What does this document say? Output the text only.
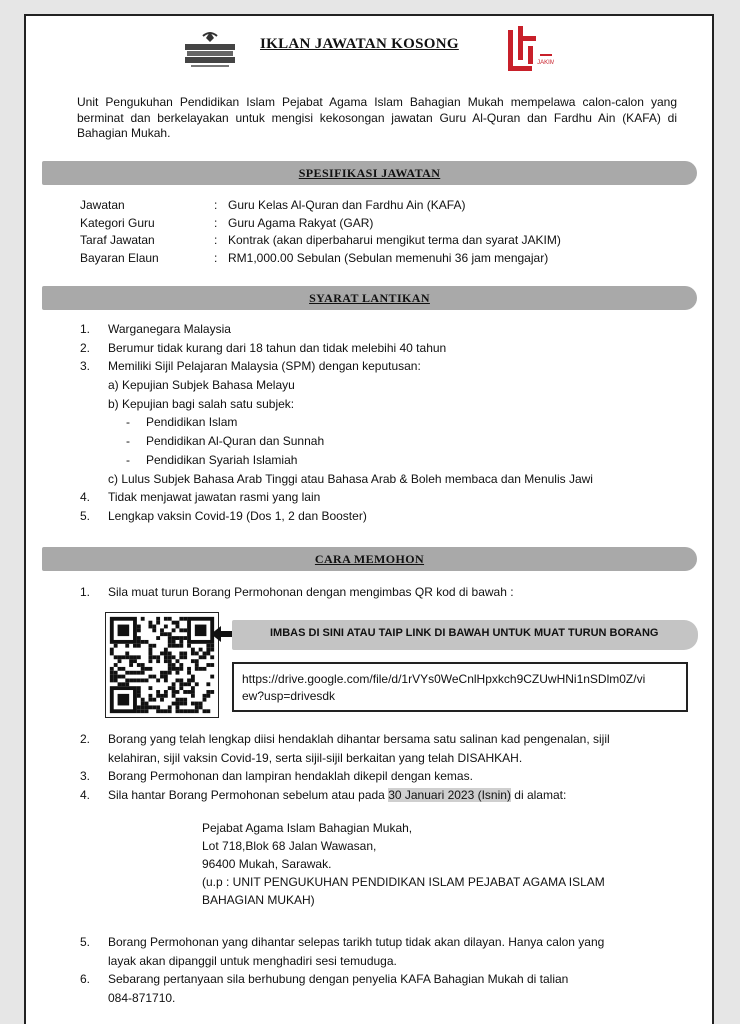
IKLAN JAWATAN KOSONG
JAKIM
Unit Pengukuhan Pendidikan Islam Pejabat Agama Islam Bahagian Mukah mempelawa calon-calon yang berminat dan berkelayakan untuk mengisi kekosongan jawatan Guru Al-Quran dan Fardhu Ain (KAFA) di Bahagian Mukah.
SPESIFIKASI JAWATAN
Jawatan	: Guru Kelas Al-Quran dan Fardhu Ain (KAFA)
Kategori Guru	: Guru Agama Rakyat (GAR)
Taraf Jawatan	: Kontrak (akan diperbaharui mengikut terma dan syarat JAKIM)
Bayaran Elaun	: RM1,000.00 Sebulan (Sebulan memenuhi 36 jam mengajar)
SYARAT LANTIKAN
1. Warganegara Malaysia
2. Berumur tidak kurang dari 18 tahun dan tidak melebihi 40 tahun
3. Memiliki Sijil Pelajaran Malaysia (SPM) dengan keputusan:
a) Kepujian Subjek Bahasa Melayu
b) Kepujian bagi salah satu subjek:
- Pendidikan Islam
- Pendidikan Al-Quran dan Sunnah
- Pendidikan Syariah Islamiah
c) Lulus Subjek Bahasa Arab Tinggi atau Bahasa Arab & Boleh membaca dan Menulis Jawi
4. Tidak menjawat jawatan rasmi yang lain
5. Lengkap vaksin Covid-19 (Dos 1, 2 dan Booster)
CARA MEMOHON
1. Sila muat turun Borang Permohonan dengan mengimbas QR kod di bawah :
IMBAS DI SINI ATAU TAIP LINK DI BAWAH UNTUK MUAT TURUN BORANG
https://drive.google.com/file/d/1rVYs0WeCnlHpxkch9CZUwHNi1nSDlm0Z/vi
ew?usp=drivesdk
2. Borang yang telah lengkap diisi hendaklah dihantar bersama satu salinan kad pengenalan, sijil
kelahiran, sijil vaksin Covid-19, serta sijil-sijil berkaitan yang telah DISAHKAH.
3. Borang Permohonan dan lampiran hendaklah dikepil dengan kemas.
4. Sila hantar Borang Permohonan sebelum atau pada 30 Januari 2023 (Isnin) di alamat:
Pejabat Agama Islam Bahagian Mukah,
Lot 718,Blok 68 Jalan Wawasan,
96400 Mukah, Sarawak.
(u.p : UNIT PENGUKUHAN PENDIDIKAN ISLAM PEJABAT AGAMA ISLAM
BAHAGIAN MUKAH)
5. Borang Permohonan yang dihantar selepas tarikh tutup tidak akan dilayan. Hanya calon yang
layak akan dipanggil untuk menghadiri sesi temuduga.
6. Sebarang pertanyaan sila berhubung dengan penyelia KAFA Bahagian Mukah di talian
084-871710.
